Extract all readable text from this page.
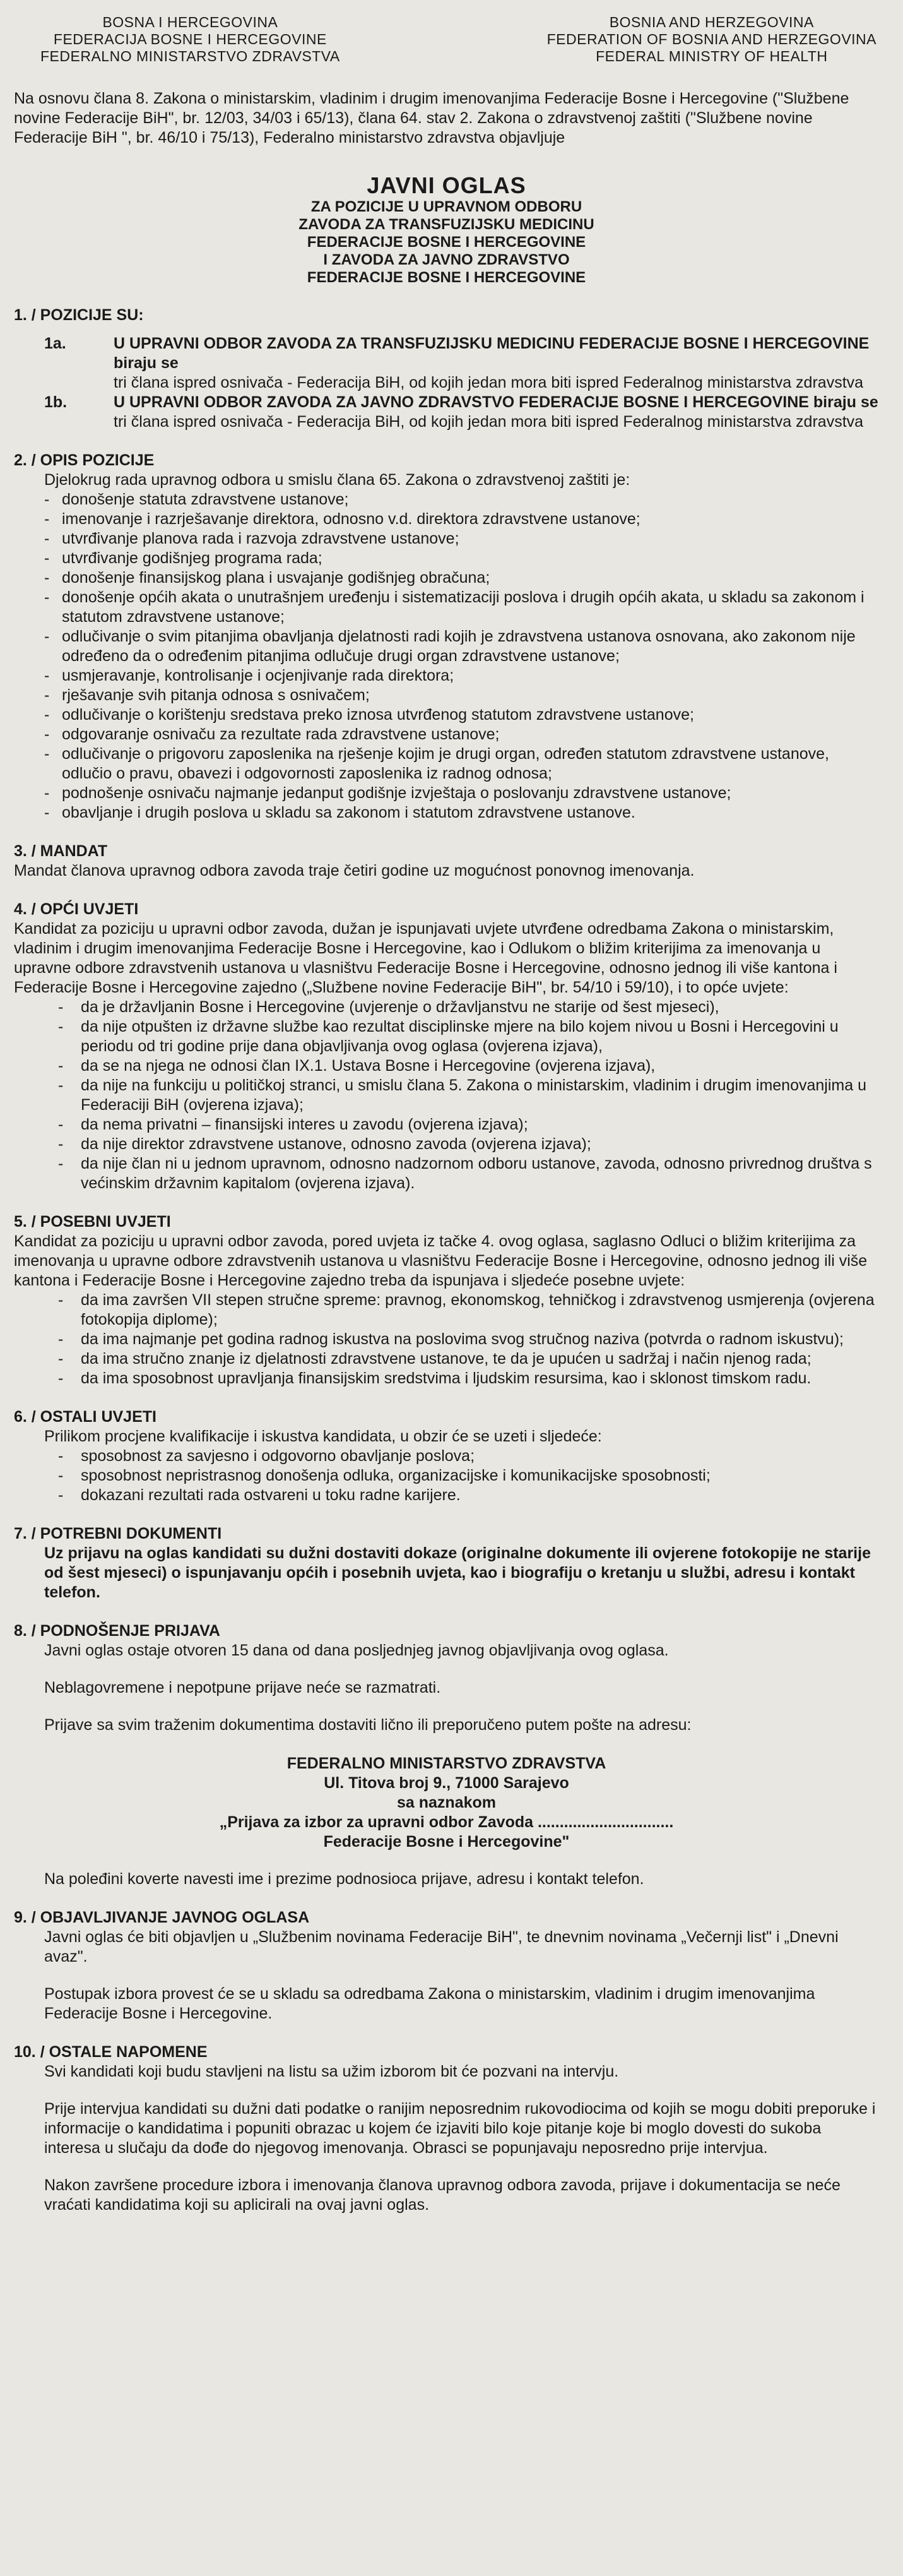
BOSNA I HERCEGOVINA
FEDERACIJA BOSNE I HERCEGOVINE
FEDERALNO MINISTARSTVO ZDRAVSTVA
BOSNIA AND HERZEGOVINA
FEDERATION OF BOSNIA AND HERZEGOVINA
FEDERAL MINISTRY OF HEALTH
Na osnovu člana 8. Zakona o ministarskim, vladinim i drugim imenovanjima Federacije Bosne i Hercegovine ("Službene novine Federacije BiH", br. 12/03, 34/03 i 65/13), člana 64. stav 2. Zakona o zdravstvenoj zaštiti ("Službene novine Federacije BiH ", br. 46/10 i 75/13), Federalno ministarstvo zdravstva objavljuje
JAVNI OGLAS
ZA POZICIJE U UPRAVNOM ODBORU
ZAVODA ZA TRANSFUZIJSKU MEDICINU
FEDERACIJE BOSNE I HERCEGOVINE
I ZAVODA ZA JAVNO ZDRAVSTVO
FEDERACIJE BOSNE I HERCEGOVINE
1. / POZICIJE SU:
1a.	U UPRAVNI ODBOR ZAVODA ZA TRANSFUZIJSKU MEDICINU FEDERACIJE BOSNE I HERCEGOVINE biraju se
tri člana ispred osnivača - Federacija BiH, od kojih jedan mora biti ispred Federalnog ministarstva zdravstva
1b.	U UPRAVNI ODBOR ZAVODA ZA JAVNO ZDRAVSTVO FEDERACIJE BOSNE I HERCEGOVINE biraju se
tri člana ispred osnivača - Federacija BiH, od kojih jedan mora biti ispred Federalnog ministarstva zdravstva
2. / OPIS POZICIJE
Djelokrug rada upravnog odbora u smislu člana 65. Zakona o zdravstvenoj zaštiti je:
- donošenje statuta zdravstvene ustanove;
- imenovanje i razrješavanje direktora, odnosno v.d. direktora zdravstvene ustanove;
- utvrđivanje planova rada i razvoja zdravstvene ustanove;
- utvrđivanje godišnjeg programa rada;
- donošenje finansijskog plana i usvajanje godišnjeg obračuna;
- donošenje općih akata o unutrašnjem uređenju i sistematizaciji poslova i drugih općih akata, u skladu sa zakonom i statutom zdravstvene ustanove;
- odlučivanje o svim pitanjima obavljanja djelatnosti radi kojih je zdravstvena ustanova osnovana, ako zakonom nije određeno da o određenim pitanjima odlučuje drugi organ zdravstvene ustanove;
- usmjeravanje, kontrolisanje i ocjenjivanje rada direktora;
- rješavanje svih pitanja odnosa s osnivačem;
- odlučivanje o korištenju sredstava preko iznosa utvrđenog statutom zdravstvene ustanove;
- odgovaranje osnivaču za rezultate rada zdravstvene ustanove;
- odlučivanje o prigovoru zaposlenika na rješenje kojim je drugi organ, određen statutom zdravstvene ustanove, odlučio o pravu, obavezi i odgovornosti zaposlenika iz radnog odnosa;
- podnošenje osnivaču najmanje jedanput godišnje izvještaja o poslovanju zdravstvene ustanove;
- obavljanje i drugih poslova u skladu sa zakonom i statutom zdravstvene ustanove.
3. / MANDAT
Mandat članova upravnog odbora zavoda traje četiri godine uz mogućnost ponovnog imenovanja.
4. / OPĆI UVJETI
Kandidat za poziciju u upravni odbor zavoda, dužan je ispunjavati uvjete utvrđene odredbama Zakona o ministarskim, vladinim i drugim imenovanjima Federacije Bosne i Hercegovine, kao i Odlukom o bližim kriterijima za imenovanja u upravne odbore zdravstvenih ustanova u vlasništvu Federacije Bosne i Hercegovine, odnosno jednog ili više kantona i Federacije Bosne i Hercegovine zajedno („Službene novine Federacije BiH", br. 54/10 i 59/10), i to opće uvjete:
- da je državljanin Bosne i Hercegovine (uvjerenje o državljanstvu ne starije od šest mjeseci),
- da nije otpušten iz državne službe kao rezultat disciplinske mjere na bilo kojem nivou u Bosni i Hercegovini u periodu od tri godine prije dana objavljivanja ovog oglasa (ovjerena izjava),
- da se na njega ne odnosi član IX.1. Ustava Bosne i Hercegovine (ovjerena izjava),
- da nije na funkciju u političkoj stranci, u smislu člana 5. Zakona o ministarskim, vladinim i drugim imenovanjima u Federaciji BiH (ovjerena izjava);
- da nema privatni – finansijski interes u zavodu (ovjerena izjava);
- da nije direktor zdravstvene ustanove, odnosno zavoda (ovjerena izjava);
- da nije član ni u jednom upravnom, odnosno nadzornom odboru ustanove, zavoda, odnosno privrednog društva s većinskim državnim kapitalom (ovjerena izjava).
5. / POSEBNI UVJETI
Kandidat za poziciju u upravni odbor zavoda, pored uvjeta iz tačke 4. ovog oglasa, saglasno Odluci o bližim kriterijima za imenovanja u upravne odbore zdravstvenih ustanova u vlasništvu Federacije Bosne i Hercegovine, odnosno jednog ili više kantona i Federacije Bosne i Hercegovine zajedno treba da ispunjava i sljedeće posebne uvjete:
- da ima završen VII stepen stručne spreme: pravnog, ekonomskog, tehničkog i zdravstvenog usmjerenja (ovjerena fotokopija diplome);
- da ima najmanje pet godina radnog iskustva na poslovima svog stručnog naziva (potvrda o radnom iskustvu);
- da ima stručno znanje iz djelatnosti zdravstvene ustanove, te da je upućen u sadržaj i način njenog rada;
- da ima sposobnost upravljanja finansijskim sredstvima i ljudskim resursima, kao i sklonost timskom radu.
6. / OSTALI UVJETI
Prilikom procjene kvalifikacije i iskustva kandidata, u obzir će se uzeti i sljedeće:
- sposobnost za savjesno i odgovorno obavljanje poslova;
- sposobnost nepristrasnog donošenja odluka, organizacijske i komunikacijske sposobnosti;
- dokazani rezultati rada ostvareni u toku radne karijere.
7. / POTREBNI DOKUMENTI
Uz prijavu na oglas kandidati su dužni dostaviti dokaze (originalne dokumente ili ovjerene fotokopije ne starije od šest mjeseci) o ispunjavanju općih i posebnih uvjeta, kao i biografiju o kretanju u službi, adresu i kontakt telefon.
8. / PODNOŠENJE PRIJAVA
Javni oglas ostaje otvoren 15 dana od dana posljednjeg javnog objavljivanja ovog oglasa.
Neblagovremene i nepotpune prijave neće se razmatrati.
Prijave sa svim traženim dokumentima dostaviti lično ili preporučeno putem pošte na adresu:
FEDERALNO MINISTARSTVO ZDRAVSTVA
Ul. Titova broj 9., 71000 Sarajevo
sa naznakom
„Prijava za izbor za upravni odbor Zavoda ...............................
Federacije Bosne i Hercegovine"
Na poleđini koverte navesti ime i prezime podnosioca prijave, adresu i kontakt telefon.
9. / OBJAVLJIVANJE JAVNOG OGLASA
Javni oglas će biti objavljen u „Službenim novinama Federacije BiH", te dnevnim novinama „Večernji list" i „Dnevni avaz".
Postupak izbora provest će se u skladu sa odredbama Zakona o ministarskim, vladinim i drugim imenovanjima Federacije Bosne i Hercegovine.
10. / OSTALE NAPOMENE
Svi kandidati koji budu stavljeni na listu sa užim izborom bit će pozvani na intervju.
Prije intervjua kandidati su dužni dati podatke o ranijim neposrednim rukovodiocima od kojih se mogu dobiti preporuke i informacije o kandidatima i popuniti obrazac u kojem će izjaviti bilo koje pitanje koje bi moglo dovesti do sukoba interesa u slučaju da dođe do njegovog imenovanja. Obrasci se popunjavaju neposredno prije intervjua.
Nakon završene procedure izbora i imenovanja članova upravnog odbora zavoda, prijave i dokumentacija se neće vraćati kandidatima koji su aplicirali na ovaj javni oglas.
